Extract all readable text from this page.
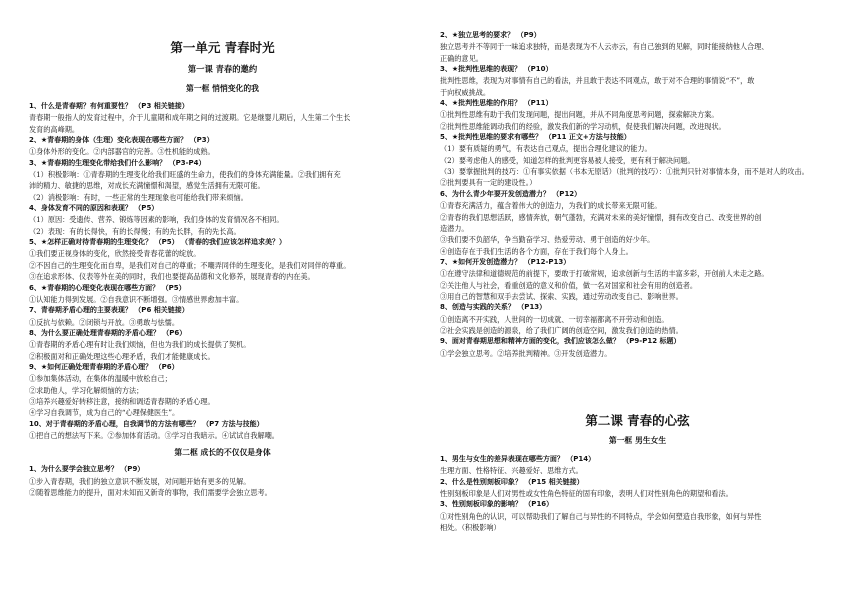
第一单元 青春时光
第一课 青春的邀约
第一框 悄悄变化的我

1、什么是青春期？有何重要性？ （P3 相关链接）

青春期一般指人的发育过程中，介于儿童期和成年期之间的过渡期。它是继婴儿期后，人生第二个生长

发育的高峰期。

2、★青春期的身体（生理）变化表现在哪些方面？ （P3）

①身体外形的变化。②内部器官的完善。③性机能的成熟。

3、★青春期的生理变化带给我们什么影响？ （P3-P4）

（1）积极影响：①青春期的生理变化给我们旺盛的生命力，使我们的身体充满能量。②我们拥有充

沛的精力、敏捷的思维，对成长充满憧憬和渴望，感觉生活拥有无限可能。

（2）消极影响：有时，一些正常的生理现象也可能给我们带来烦恼。

4、身体发育不同的原因和表现？ （P5）

（1）原因：受遗传、营养、锻炼等因素的影响，我们身体的发育情况各不相同。

（2）表现：有的长得快，有的长得慢；有的先长胖，有的先长高。

5、★怎样正确对待青春期的生理变化？ （P5） （青春的我们应该怎样追求美？）

①我们要正视身体的变化，欣然接受青春花蕾的绽放。

②不因自己的生理变化而自卑，是我们对自己的尊重；不嘲弄同伴的生理变化，是我们对同伴的尊重。

③在追求形体、仪表等外在美的同时，我们也要提高品德和文化修养，展现青春的内在美。

6、★青春期的心理变化表现在哪些方面？ （P5）

①认知能力得到发展。②自我意识不断增强。③情感世界愈加丰富。

7、青春期矛盾心理的主要表现？ （P6 相关链接）

①反抗与依赖。②闭锁与开放。③勇敢与怯懦。

8、为什么要正确处理青春期的矛盾心理？ （P6）

①青春期的矛盾心理有时让我们烦恼，但也为我们的成长提供了契机。

②积极面对和正确处理这些心理矛盾，我们才能健康成长。

9、★如何正确处理青春期的矛盾心理？ （P6）

①参加集体活动，在集体的温暖中放松自己；

②求助他人，学习化解烦恼的方法；

③培养兴趣爱好转移注意，接纳和调适青春期的矛盾心理。

④学习自我调节，成为自己的“心理保健医生”。

10、对于青春期的矛盾心理，自我调节的方法有哪些？ （P7 方法与技能）

①把自己的想法写下来。②参加体育活动。③学习自我暗示。④试试自我解嘲。

第二框 成长的不仅仅是身体

1、为什么要学会独立思考？ （P9）

①步入青春期，我们的独立意识不断发展，对问题开始有更多的见解。

②随着思维能力的提升，面对未知而又新奇的事物，我们需要学会独立思考。

2、★独立思考的要求？ （P9）

独立思考并不等同于一味追求独特，而是表现为不人云亦云，有自己独到的见解，同时能接纳他人合理、

正确的意见。

3、★批判性思维的表现？ （P10）

批判性思维，表现为对事情有自己的看法，并且敢于表达不同观点，敢于对不合理的事情说“不”，敢

于向权威挑战。

4、★批判性思维的作用？ （P11）

①批判性思维有助于我们发现问题，提出问题，并从不同角度思考问题，探索解决方案。

②批判性思维能调动我们的经验，激发我们新的学习动机，促使我们解决问题，改进现状。

5、★批判性思维的要求有哪些？ （P11 正文+方法与技能）

（1）要有质疑的勇气，有表达自己观点，提出合理化建议的能力。

（2）要考虑他人的感受，知道怎样的批判更容易被人接受，更有利于解决问题。

（3）要掌握批判的技巧：①有事实依据（书本无原话）（批判的技巧）：①批判只针对事情本身，而不是对人的攻击。

②批判要具有一定的建设性。）

6、为什么青少年要开发创造潜力？ （P12）

①青春充满活力，蕴含着伟大的创造力，为我们的成长带来无限可能。

②青春的我们思想活跃，感情奔放，朝气蓬勃，充满对未来的美好憧憬，拥有改变自己、改变世界的创

造潜力。

③我们要不负韶华，争当勤奋学习、热爱劳动、勇于创造的好少年。

④创造存在于我们生活的各个方面，存在于我们每个人身上。

7、★如何开发创造潜力？ （P12-P13）

①在遵守法律和道德规范的前提下，要敢于打破常规，追求创新与生活的丰富多彩，开创前人未走之路。

②关注他人与社会，看重创造的意义和价值，做一名对国家和社会有用的创造者。

③用自己的智慧和双手去尝试、探索、实践，通过劳动改变自己、影响世界。

8、创造与实践的关系？ （P13）

①创造离不开实践，人世间的一切成就、一切幸福都离不开劳动和创造。

②社会实践是创造的源泉，给了我们广阔的创造空间，激发我们创造的热情。

9、面对青春期思想和精神方面的变化，我们应该怎么做？ （P9-P12 标题）

①学会独立思考。②培养批判精神。③开发创造潜力。

第二课 青春的心弦
第一框 男生女生

1、男生与女生的差异表现在哪些方面？ （P14）

生理方面、性格特征、兴趣爱好、思维方式。

2、什么是性别刻板印象？ （P15 相关链接）

性别刻板印象是人们对男性或女性角色特征的固有印象，表明人们对性别角色的期望和看法。

3、性别刻板印象的影响？ （P16）

①对性别角色的认识，可以帮助我们了解自己与异性的不同特点，学会如何塑造自我形象，如何与异性

相处。（积极影响）
